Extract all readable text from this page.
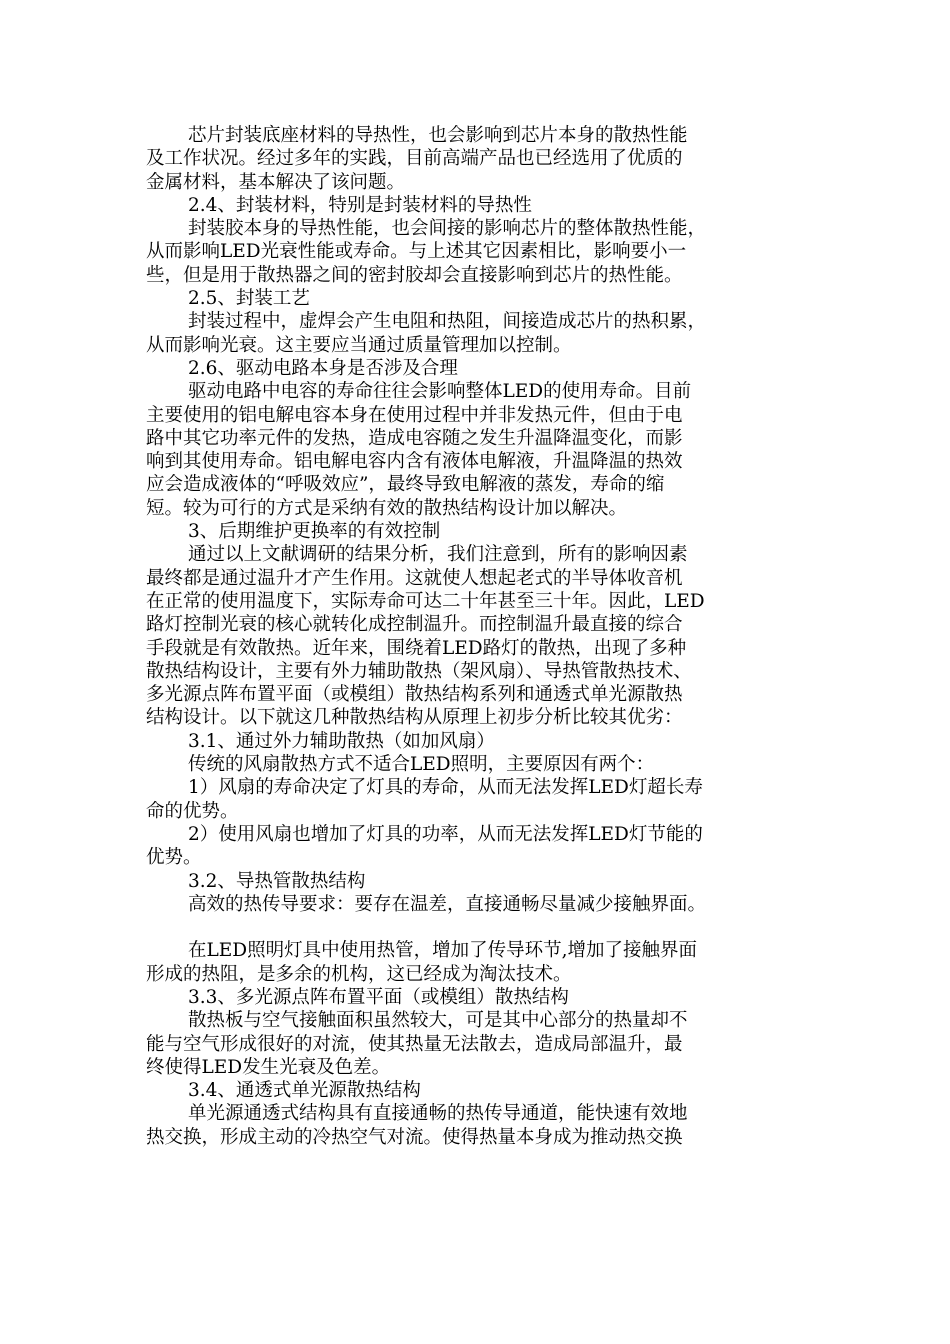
芯片封装底座材料的导热性，也会影响到芯片本身的散热性能
及工作状况。经过多年的实践，目前高端产品也已经选用了优质的
金属材料，基本解决了该问题。
2.4、封装材料，特别是封装材料的导热性
封装胶本身的导热性能，也会间接的影响芯片的整体散热性能，
从而影响LED光衰性能或寿命。与上述其它因素相比，影响要小一
些，但是用于散热器之间的密封胶却会直接影响到芯片的热性能。
2.5、封装工艺
封装过程中，虚焊会产生电阻和热阻，间接造成芯片的热积累，
从而影响光衰。这主要应当通过质量管理加以控制。
2.6、驱动电路本身是否涉及合理
驱动电路中电容的寿命往往会影响整体LED的使用寿命。目前
主要使用的铝电解电容本身在使用过程中并非发热元件，但由于电
路中其它功率元件的发热，造成电容随之发生升温降温变化，而影
响到其使用寿命。铝电解电容内含有液体电解液，升温降温的热效
应会造成液体的“呼吸效应”，最终导致电解液的蒸发，寿命的缩
短。较为可行的方式是采纳有效的散热结构设计加以解决。
3、后期维护更换率的有效控制
通过以上文献调研的结果分析，我们注意到，所有的影响因素
最终都是通过温升才产生作用。这就使人想起老式的半导体收音机
在正常的使用温度下，实际寿命可达二十年甚至三十年。因此，LED
路灯控制光衰的核心就转化成控制温升。而控制温升最直接的综合
手段就是有效散热。近年来，围绕着LED路灯的散热，出现了多种
散热结构设计，主要有外力辅助散热（架风扇）、导热管散热技术、
多光源点阵布置平面（或模组）散热结构系列和通透式单光源散热
结构设计。以下就这几种散热结构从原理上初步分析比较其优劣：
3.1、通过外力辅助散热（如加风扇）
传统的风扇散热方式不适合LED照明，主要原因有两个：
1）风扇的寿命决定了灯具的寿命，从而无法发挥LED灯超长寿
命的优势。
2）使用风扇也增加了灯具的功率，从而无法发挥LED灯节能的
优势。
3.2、导热管散热结构
高效的热传导要求：要存在温差，直接通畅尽量减少接触界面。
在LED照明灯具中使用热管，增加了传导环节,增加了接触界面
形成的热阻，是多余的机构，这已经成为淘汰技术。
3.3、多光源点阵布置平面（或模组）散热结构
散热板与空气接触面积虽然较大，可是其中心部分的热量却不
能与空气形成很好的对流，使其热量无法散去，造成局部温升，最
终使得LED发生光衰及色差。
3.4、通透式单光源散热结构
单光源通透式结构具有直接通畅的热传导通道，能快速有效地
热交换，形成主动的冷热空气对流。使得热量本身成为推动热交换
